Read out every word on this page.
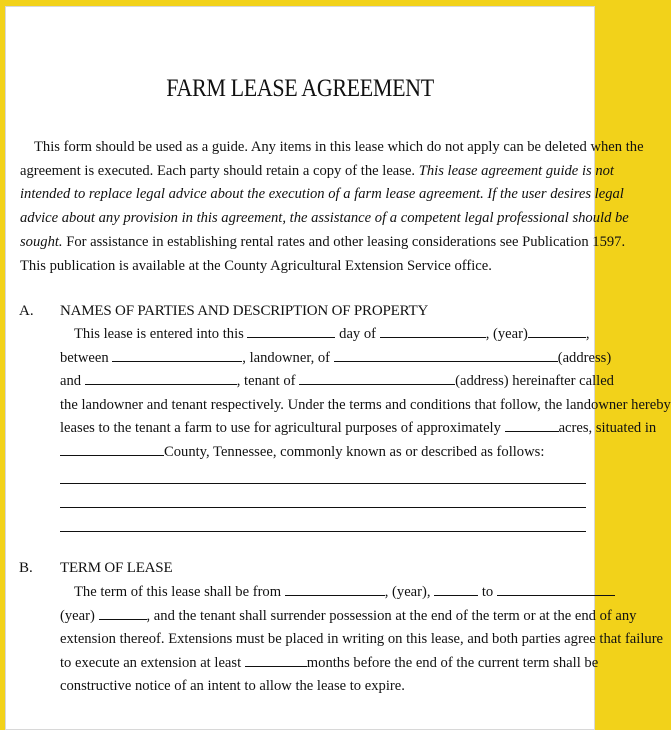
FARM LEASE AGREEMENT
This form should be used as a guide. Any items in this lease which do not apply can be deleted when the
agreement is executed. Each party should retain a copy of the lease. This lease agreement guide is not
intended to replace legal advice about the execution of a farm lease agreement. If the user desires legal
advice about any provision in this agreement, the assistance of a competent legal professional should be
sought. For assistance in establishing rental rates and other leasing considerations see Publication 1597.
This publication is available at the County Agricultural Extension Service office.
A. NAMES OF PARTIES AND DESCRIPTION OF PROPERTY
This lease is entered into this	day of	, (year)	,
between	, landowner, of	(address)
and	, tenant of	(address) hereinafter called
the landowner and tenant respectively. Under the terms and conditions that follow, the landowner hereby
leases to the tenant a farm to use for agricultural purposes of approximately	acres, situated in
County, Tennessee, commonly known as or described as follows:
B. TERM OF LEASE
The term of this lease shall be from	, (year),	to
(year)	, and the tenant shall surrender possession at the end of the term or at the end of any
extension thereof. Extensions must be placed in writing on this lease, and both parties agree that failure
to execute an extension at least	months before the end of the current term shall be
constructive notice of an intent to allow the lease to expire.
